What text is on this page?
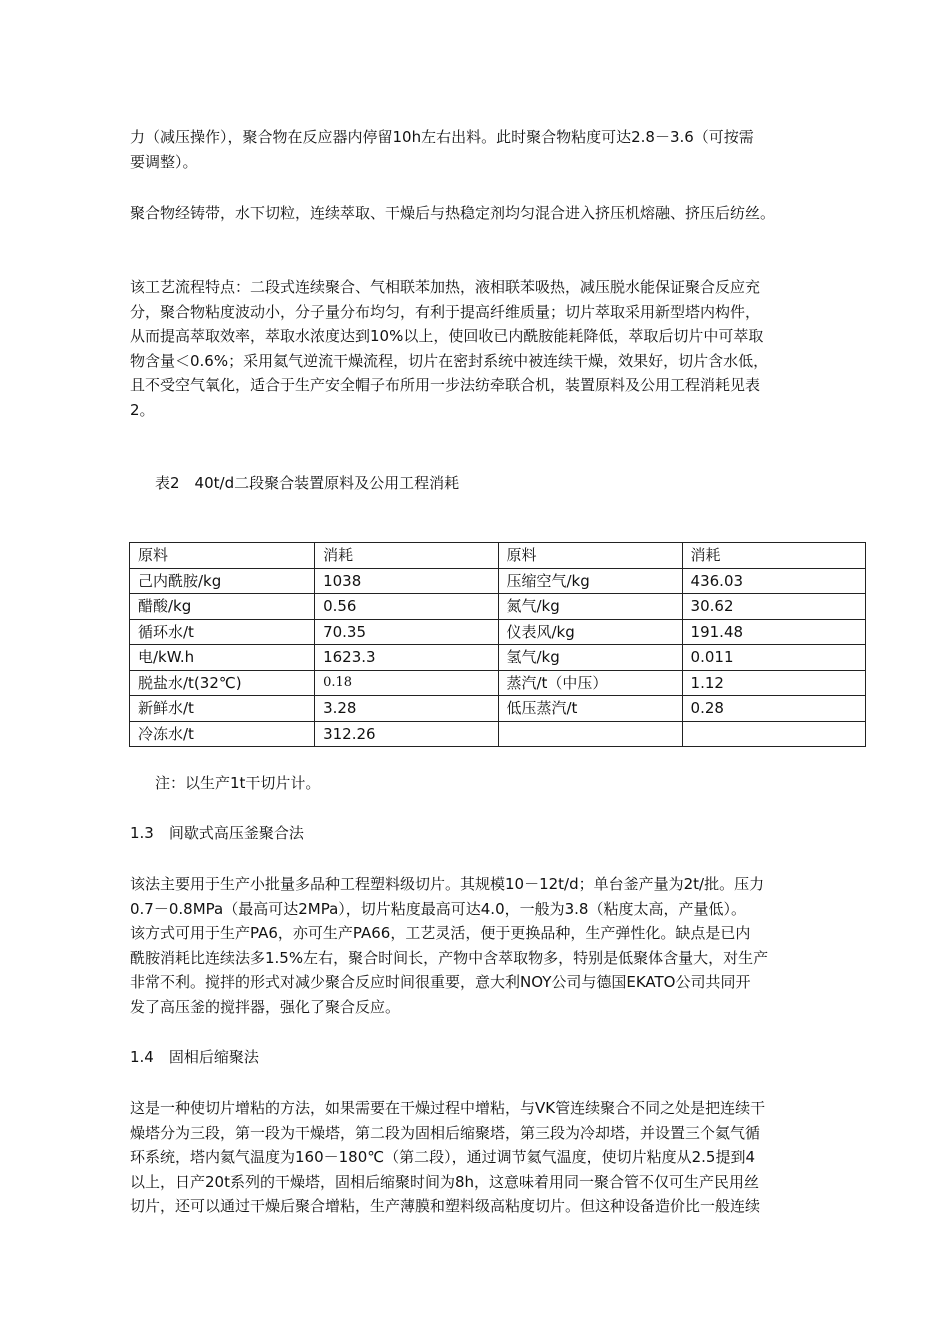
力（减压操作），聚合物在反应器内停留10h左右出料。此时聚合物粘度可达2.8－3.6（可按需
要调整）。

聚合物经铸带，水下切粒，连续萃取、干燥后与热稳定剂均匀混合进入挤压机熔融、挤压后纺丝。

该工艺流程特点：二段式连续聚合、气相联苯加热，液相联苯吸热，减压脱水能保证聚合反应充
分，聚合物粘度波动小，分子量分布均匀，有利于提高纤维质量；切片萃取采用新型塔内构件，
从而提高萃取效率，萃取水浓度达到10%以上，使回收已内酰胺能耗降低，萃取后切片中可萃取
物含量＜0.6%；采用氦气逆流干燥流程，切片在密封系统中被连续干燥，效果好，切片含水低，
且不受空气氧化，适合于生产安全帽子布所用一步法纺牵联合机，装置原料及公用工程消耗见表
2。

表2　40t/d二段聚合装置原料及公用工程消耗

原料	消耗	原料	消耗
己内酰胺/kg	1038	压缩空气/kg	436.03
醋酸/kg	0.56	氮气/kg	30.62
循环水/t	70.35	仪表风/kg	191.48
电/kW.h	1623.3	氢气/kg	0.011
脱盐水/t(32℃)	0.18	蒸汽/t（中压）	1.12
新鲜水/t	3.28	低压蒸汽/t	0.28
冷冻水/t	312.26		

注：以生产1t干切片计。

1.3　间歇式高压釜聚合法

该法主要用于生产小批量多品种工程塑料级切片。其规模10－12t/d；单台釜产量为2t/批。压力
0.7－0.8MPa（最高可达2MPa），切片粘度最高可达4.0，一般为3.8（粘度太高，产量低）。
该方式可用于生产PA6，亦可生产PA66，工艺灵活，便于更换品种，生产弹性化。缺点是已内
酰胺消耗比连续法多1.5%左右，聚合时间长，产物中含萃取物多，特别是低聚体含量大，对生产
非常不利。搅拌的形式对减少聚合反应时间很重要，意大利NOY公司与德国EKATO公司共同开
发了高压釜的搅拌器，强化了聚合反应。

1.4　固相后缩聚法

这是一种使切片增粘的方法，如果需要在干燥过程中增粘，与VK管连续聚合不同之处是把连续干
燥塔分为三段，第一段为干燥塔，第二段为固相后缩聚塔，第三段为冷却塔，并设置三个氦气循
环系统，塔内氦气温度为160－180℃（第二段），通过调节氦气温度，使切片粘度从2.5提到4
以上，日产20t系列的干燥塔，固相后缩聚时间为8h，这意味着用同一聚合管不仅可生产民用丝
切片，还可以通过干燥后聚合增粘，生产薄膜和塑料级高粘度切片。但这种设备造价比一般连续
